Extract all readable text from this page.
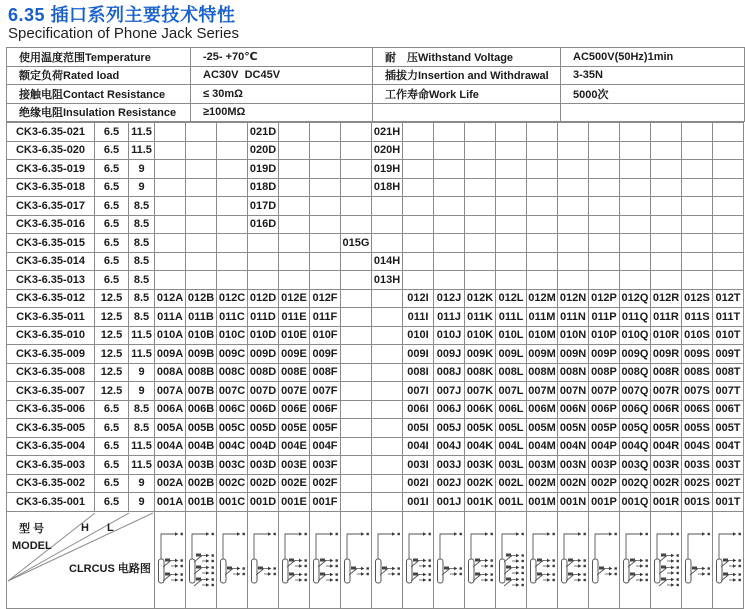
6.35 插口系列主要技术特性
Specification of Phone Jack Series
使用温度范围Temperature	-25- +70℃	耐　压Withstand Voltage	AC500V(50Hz)1min
额定负荷Rated load	AC30V  DC45V	插拔力Insertion and Withdrawal	3-35N
接触电阻Contact Resistance	≤ 30mΩ	工作寿命Work Life	5000次
绝缘电阻Insulation Resistance	≥100MΩ		
CK3-6.35-021	6.5	11.5				021D				021H											
CK3-6.35-020	6.5	11.5				020D				020H											
CK3-6.35-019	6.5	9				019D				019H											
CK3-6.35-018	6.5	9				018D				018H											
CK3-6.35-017	6.5	8.5				017D															
CK3-6.35-016	6.5	8.5				016D															
CK3-6.35-015	6.5	8.5							015G												
CK3-6.35-014	6.5	8.5								014H											
CK3-6.35-013	6.5	8.5								013H											
CK3-6.35-012	12.5	8.5	012A	012B	012C	012D	012E	012F			012I	012J	012K	012L	012M	012N	012P	012Q	012R	012S	012T
CK3-6.35-011	12.5	8.5	011A	011B	011C	011D	011E	011F			011I	011J	011K	011L	011M	011N	011P	011Q	011R	011S	011T
CK3-6.35-010	12.5	11.5	010A	010B	010C	010D	010E	010F			010I	010J	010K	010L	010M	010N	010P	010Q	010R	010S	010T
CK3-6.35-009	12.5	11.5	009A	009B	009C	009D	009E	009F			009I	009J	009K	009L	009M	009N	009P	009Q	009R	009S	009T
CK3-6.35-008	12.5	9	008A	008B	008C	008D	008E	008F			008I	008J	008K	008L	008M	008N	008P	008Q	008R	008S	008T
CK3-6.35-007	12.5	9	007A	007B	007C	007D	007E	007F			007I	007J	007K	007L	007M	007N	007P	007Q	007R	007S	007T
CK3-6.35-006	6.5	8.5	006A	006B	006C	006D	006E	006F			006I	006J	006K	006L	006M	006N	006P	006Q	006R	006S	006T
CK3-6.35-005	6.5	8.5	005A	005B	005C	005D	005E	005F			005I	005J	005K	005L	005M	005N	005P	005Q	005R	005S	005T
CK3-6.35-004	6.5	11.5	004A	004B	004C	004D	004E	004F			004I	004J	004K	004L	004M	004N	004P	004Q	004R	004S	004T
CK3-6.35-003	6.5	11.5	003A	003B	003C	003D	003E	003F			003I	003J	003K	003L	003M	003N	003P	003Q	003R	003S	003T
CK3-6.35-002	6.5	9	002A	002B	002C	002D	002E	002F			002I	002J	002K	002L	002M	002N	002P	002Q	002R	002S	002T
CK3-6.35-001	6.5	9	001A	001B	001C	001D	001E	001F			001I	001J	001K	001L	001M	001N	001P	001Q	001R	001S	001T

型 号

MODEL

H

L

CLRCUS 电路图
